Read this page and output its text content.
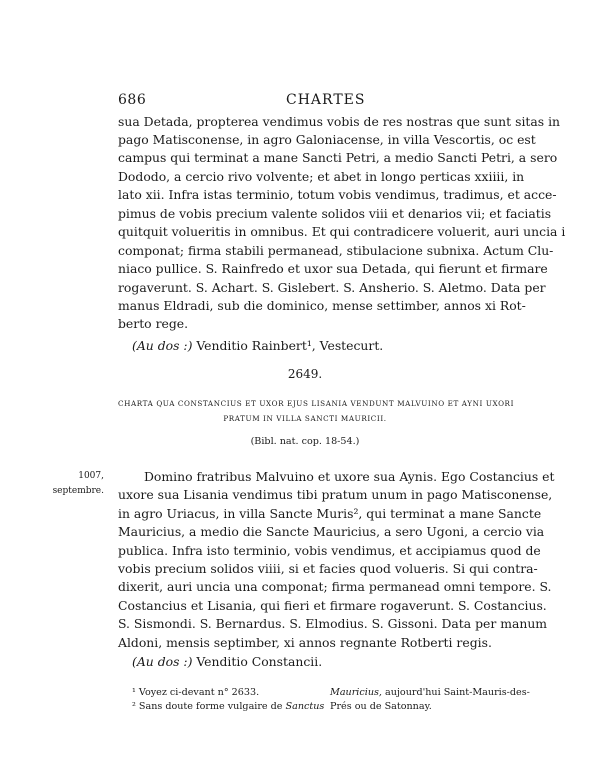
686	CHARTES
sua Detada, propterea vendimus vobis de res nostras que sunt sitas in
pago Matisconense, in agro Galoniacense, in villa Vescortis, oc est
campus qui terminat a mane Sancti Petri, a medio Sancti Petri, a sero
Dododo, a cercio rivo volvente; et abet in longo perticas xxiiii, in
lato xii. Infra istas terminio, totum vobis vendimus, tradimus, et acce-
pimus de vobis precium valente solidos viii et denarios vii; et faciatis
quitquit volueritis in omnibus. Et qui contradicere voluerit, auri uncia i
componat; firma stabili permanead, stibulacione subnixa. Actum Clu-
niaco pullice. S. Rainfredo et uxor sua Detada, qui fierunt et firmare
rogaverunt. S. Achart. S. Gislebert. S. Ansherio. S. Aletmo. Data per
manus Eldradi, sub die dominico, mense settimber, annos xi Rot-
berto rege.
(Au dos :) Venditio Rainbert¹, Vestecurt.
2649.
CHARTA QUA CONSTANCIUS ET UXOR EJUS LISANIA VENDUNT MALVUINO ET AYNI UXORI
PRATUM IN VILLA SANCTI MAURICII.
(Bibl. nat. cop. 18-54.)
1007,
septembre.
Domino fratribus Malvuino et uxore sua Aynis. Ego Costancius et
uxore sua Lisania vendimus tibi pratum unum in pago Matisconense,
in agro Uriacus, in villa Sancte Muris², qui terminat a mane Sancte
Mauricius, a medio die Sancte Mauricius, a sero Ugoni, a cercio via
publica. Infra isto terminio, vobis vendimus, et accipiamus quod de
vobis precium solidos viiii, si et facies quod volueris. Si qui contra-
dixerit, auri uncia una componat; firma permanead omni tempore. S.
Costancius et Lisania, qui fieri et firmare rogaverunt. S. Costancius.
S. Sismondi. S. Bernardus. S. Elmodius. S. Gissoni. Data per manum
Aldoni, mensis septimber, xi annos regnante Rotberti regis.
(Au dos :) Venditio Constancii.
¹ Voyez ci-devant n° 2633.
² Sans doute forme vulgaire de Sanctus
Mauricius, aujourd'hui Saint-Mauris-des-
Prés ou de Satonnay.
